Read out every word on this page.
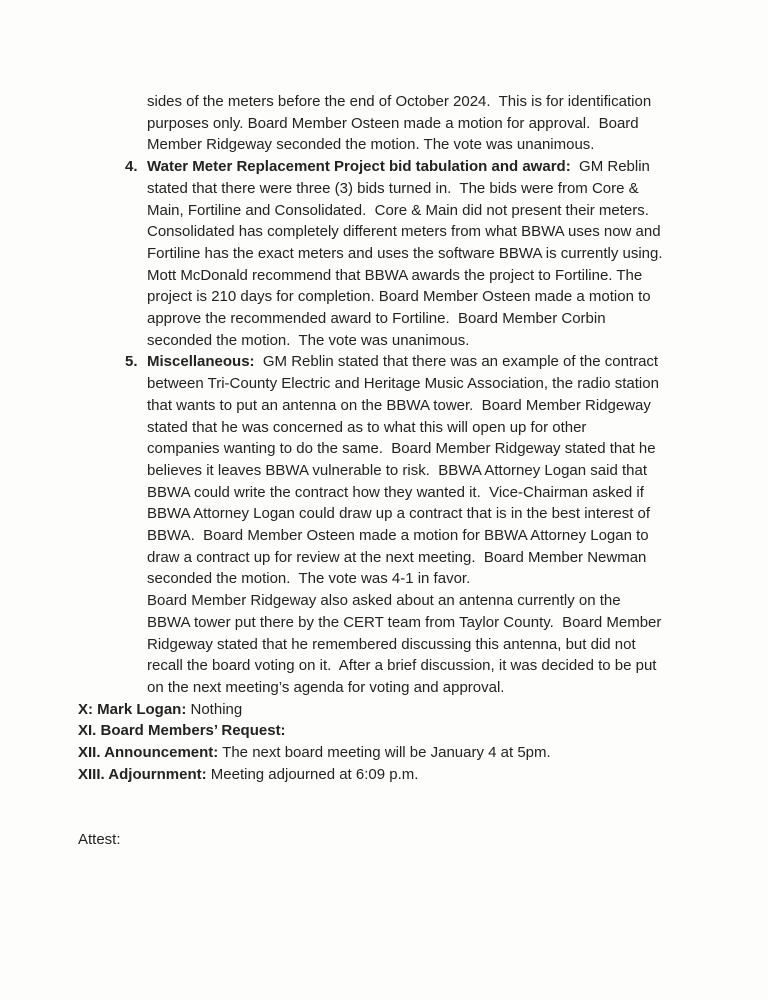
sides of the meters before the end of October 2024.  This is for identification purposes only. Board Member Osteen made a motion for approval.  Board Member Ridgeway seconded the motion. The vote was unanimous.

4. Water Meter Replacement Project bid tabulation and award:  GM Reblin stated that there were three (3) bids turned in.  The bids were from Core & Main, Fortiline and Consolidated.  Core & Main did not present their meters.  Consolidated has completely different meters from what BBWA uses now and Fortiline has the exact meters and uses the software BBWA is currently using.  Mott McDonald recommend that BBWA awards the project to Fortiline. The project is 210 days for completion. Board Member Osteen made a motion to approve the recommended award to Fortiline.  Board Member Corbin seconded the motion.  The vote was unanimous.

5. Miscellaneous:  GM Reblin stated that there was an example of the contract between Tri-County Electric and Heritage Music Association, the radio station that wants to put an antenna on the BBWA tower.  Board Member Ridgeway stated that he was concerned as to what this will open up for other companies wanting to do the same.  Board Member Ridgeway stated that he believes it leaves BBWA vulnerable to risk.  BBWA Attorney Logan said that BBWA could write the contract how they wanted it.  Vice-Chairman asked if BBWA Attorney Logan could draw up a contract that is in the best interest of BBWA.  Board Member Osteen made a motion for BBWA Attorney Logan to draw a contract up for review at the next meeting.  Board Member Newman seconded the motion.  The vote was 4-1 in favor.

Board Member Ridgeway also asked about an antenna currently on the BBWA tower put there by the CERT team from Taylor County.  Board Member Ridgeway stated that he remembered discussing this antenna, but did not recall the board voting on it.  After a brief discussion, it was decided to be put on the next meeting’s agenda for voting and approval.

X: Mark Logan: Nothing

XI. Board Members’ Request:

XII. Announcement: The next board meeting will be January 4 at 5pm.

XIII. Adjournment: Meeting adjourned at 6:09 p.m.

Attest:
